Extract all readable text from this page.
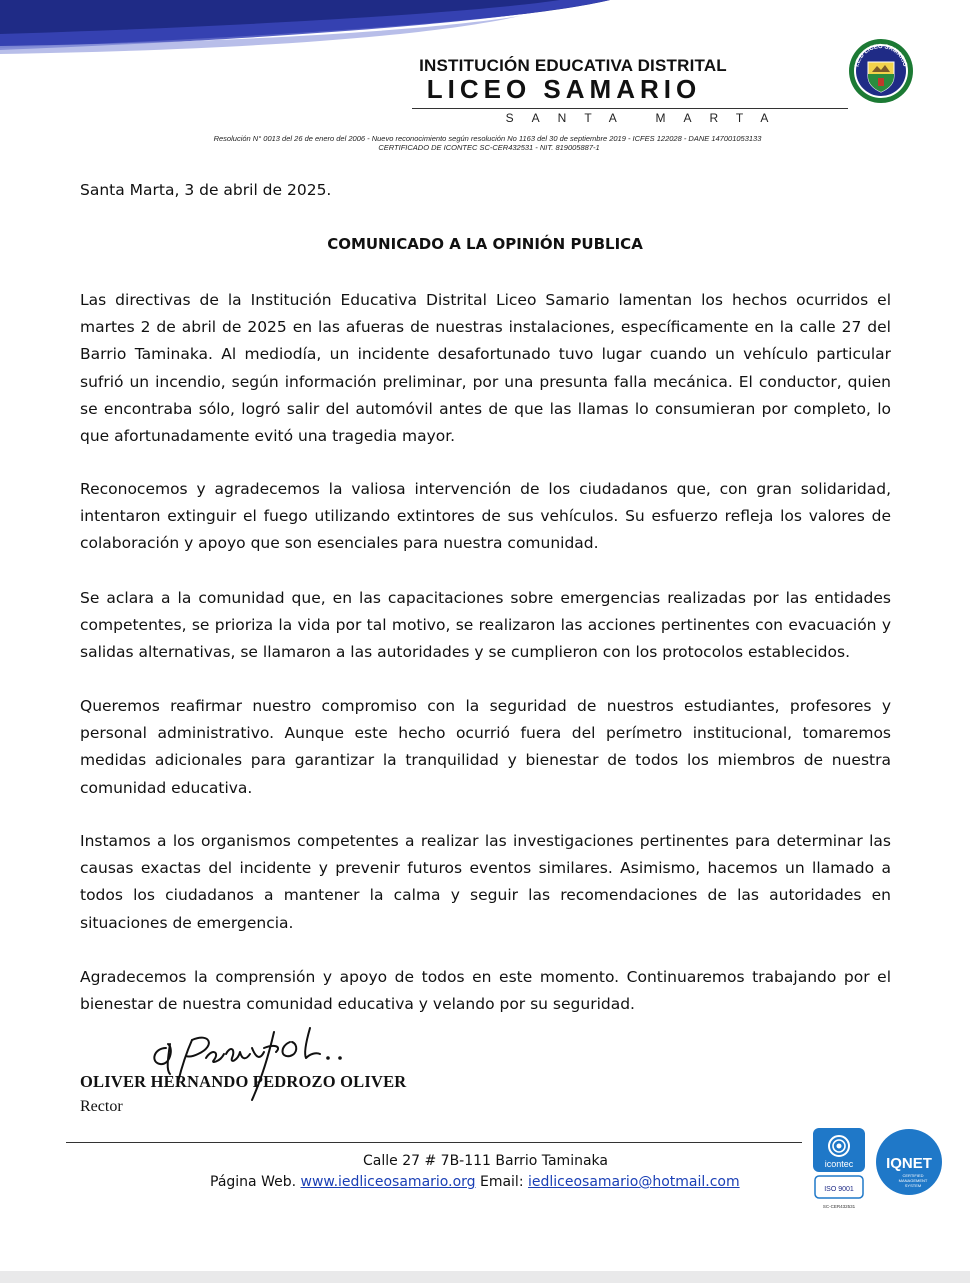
INSTITUCIÓN EDUCATIVA DISTRITAL
LICEO SAMARIO
SANTA MARTA
Resolución N° 0013 del 26 de enero del 2006 - Nuevo reconocimiento según resolución No 1163 del 30 de septiembre 2019 - ICFES 122028 - DANE 147001053133
CERTIFICADO DE ICONTEC SC-CER432531 - NIT. 819005887-1
I.E.D LICEO SAMARIO
Santa Marta, 3 de abril de 2025.
COMUNICADO A LA OPINIÓN PUBLICA
Las directivas de la Institución Educativa Distrital Liceo Samario lamentan los hechos ocurridos el martes 2 de abril de 2025 en las afueras de nuestras instalaciones, específicamente en la calle 27 del Barrio Taminaka. Al mediodía, un incidente desafortunado tuvo lugar cuando un vehículo particular sufrió un incendio, según información preliminar, por una presunta falla mecánica. El conductor, quien se encontraba sólo, logró salir del automóvil antes de que las llamas lo consumieran por completo, lo que afortunadamente evitó una tragedia mayor.
Reconocemos y agradecemos la valiosa intervención de los ciudadanos que, con gran solidaridad, intentaron extinguir el fuego utilizando extintores de sus vehículos. Su esfuerzo refleja los valores de colaboración y apoyo que son esenciales para nuestra comunidad.
Se aclara a la comunidad que, en las capacitaciones sobre emergencias realizadas por las entidades competentes, se prioriza la vida por tal motivo, se realizaron las acciones pertinentes con evacuación y salidas alternativas, se llamaron a las autoridades y se cumplieron con los protocolos establecidos.
Queremos reafirmar nuestro compromiso con la seguridad de nuestros estudiantes, profesores y personal administrativo. Aunque este hecho ocurrió fuera del perímetro institucional, tomaremos medidas adicionales para garantizar la tranquilidad y bienestar de todos los miembros de nuestra comunidad educativa.
Instamos a los organismos competentes a realizar las investigaciones pertinentes para determinar las causas exactas del incidente y prevenir futuros eventos similares. Asimismo, hacemos un llamado a todos los ciudadanos a mantener la calma y seguir las recomendaciones de las autoridades en situaciones de emergencia.
Agradecemos la comprensión y apoyo de todos en este momento. Continuaremos trabajando por el bienestar de nuestra comunidad educativa y velando por su seguridad.
OLIVER HERNANDO PEDROZO OLIVER
Rector
Calle 27 # 7B-111 Barrio Taminaka
Página Web. www.iedliceosamario.org Email: iedliceosamario@hotmail.com
icontec
ISO 9001
SC-CER432531
IQNET
CERTIFIED
MANAGEMENT
SYSTEM
